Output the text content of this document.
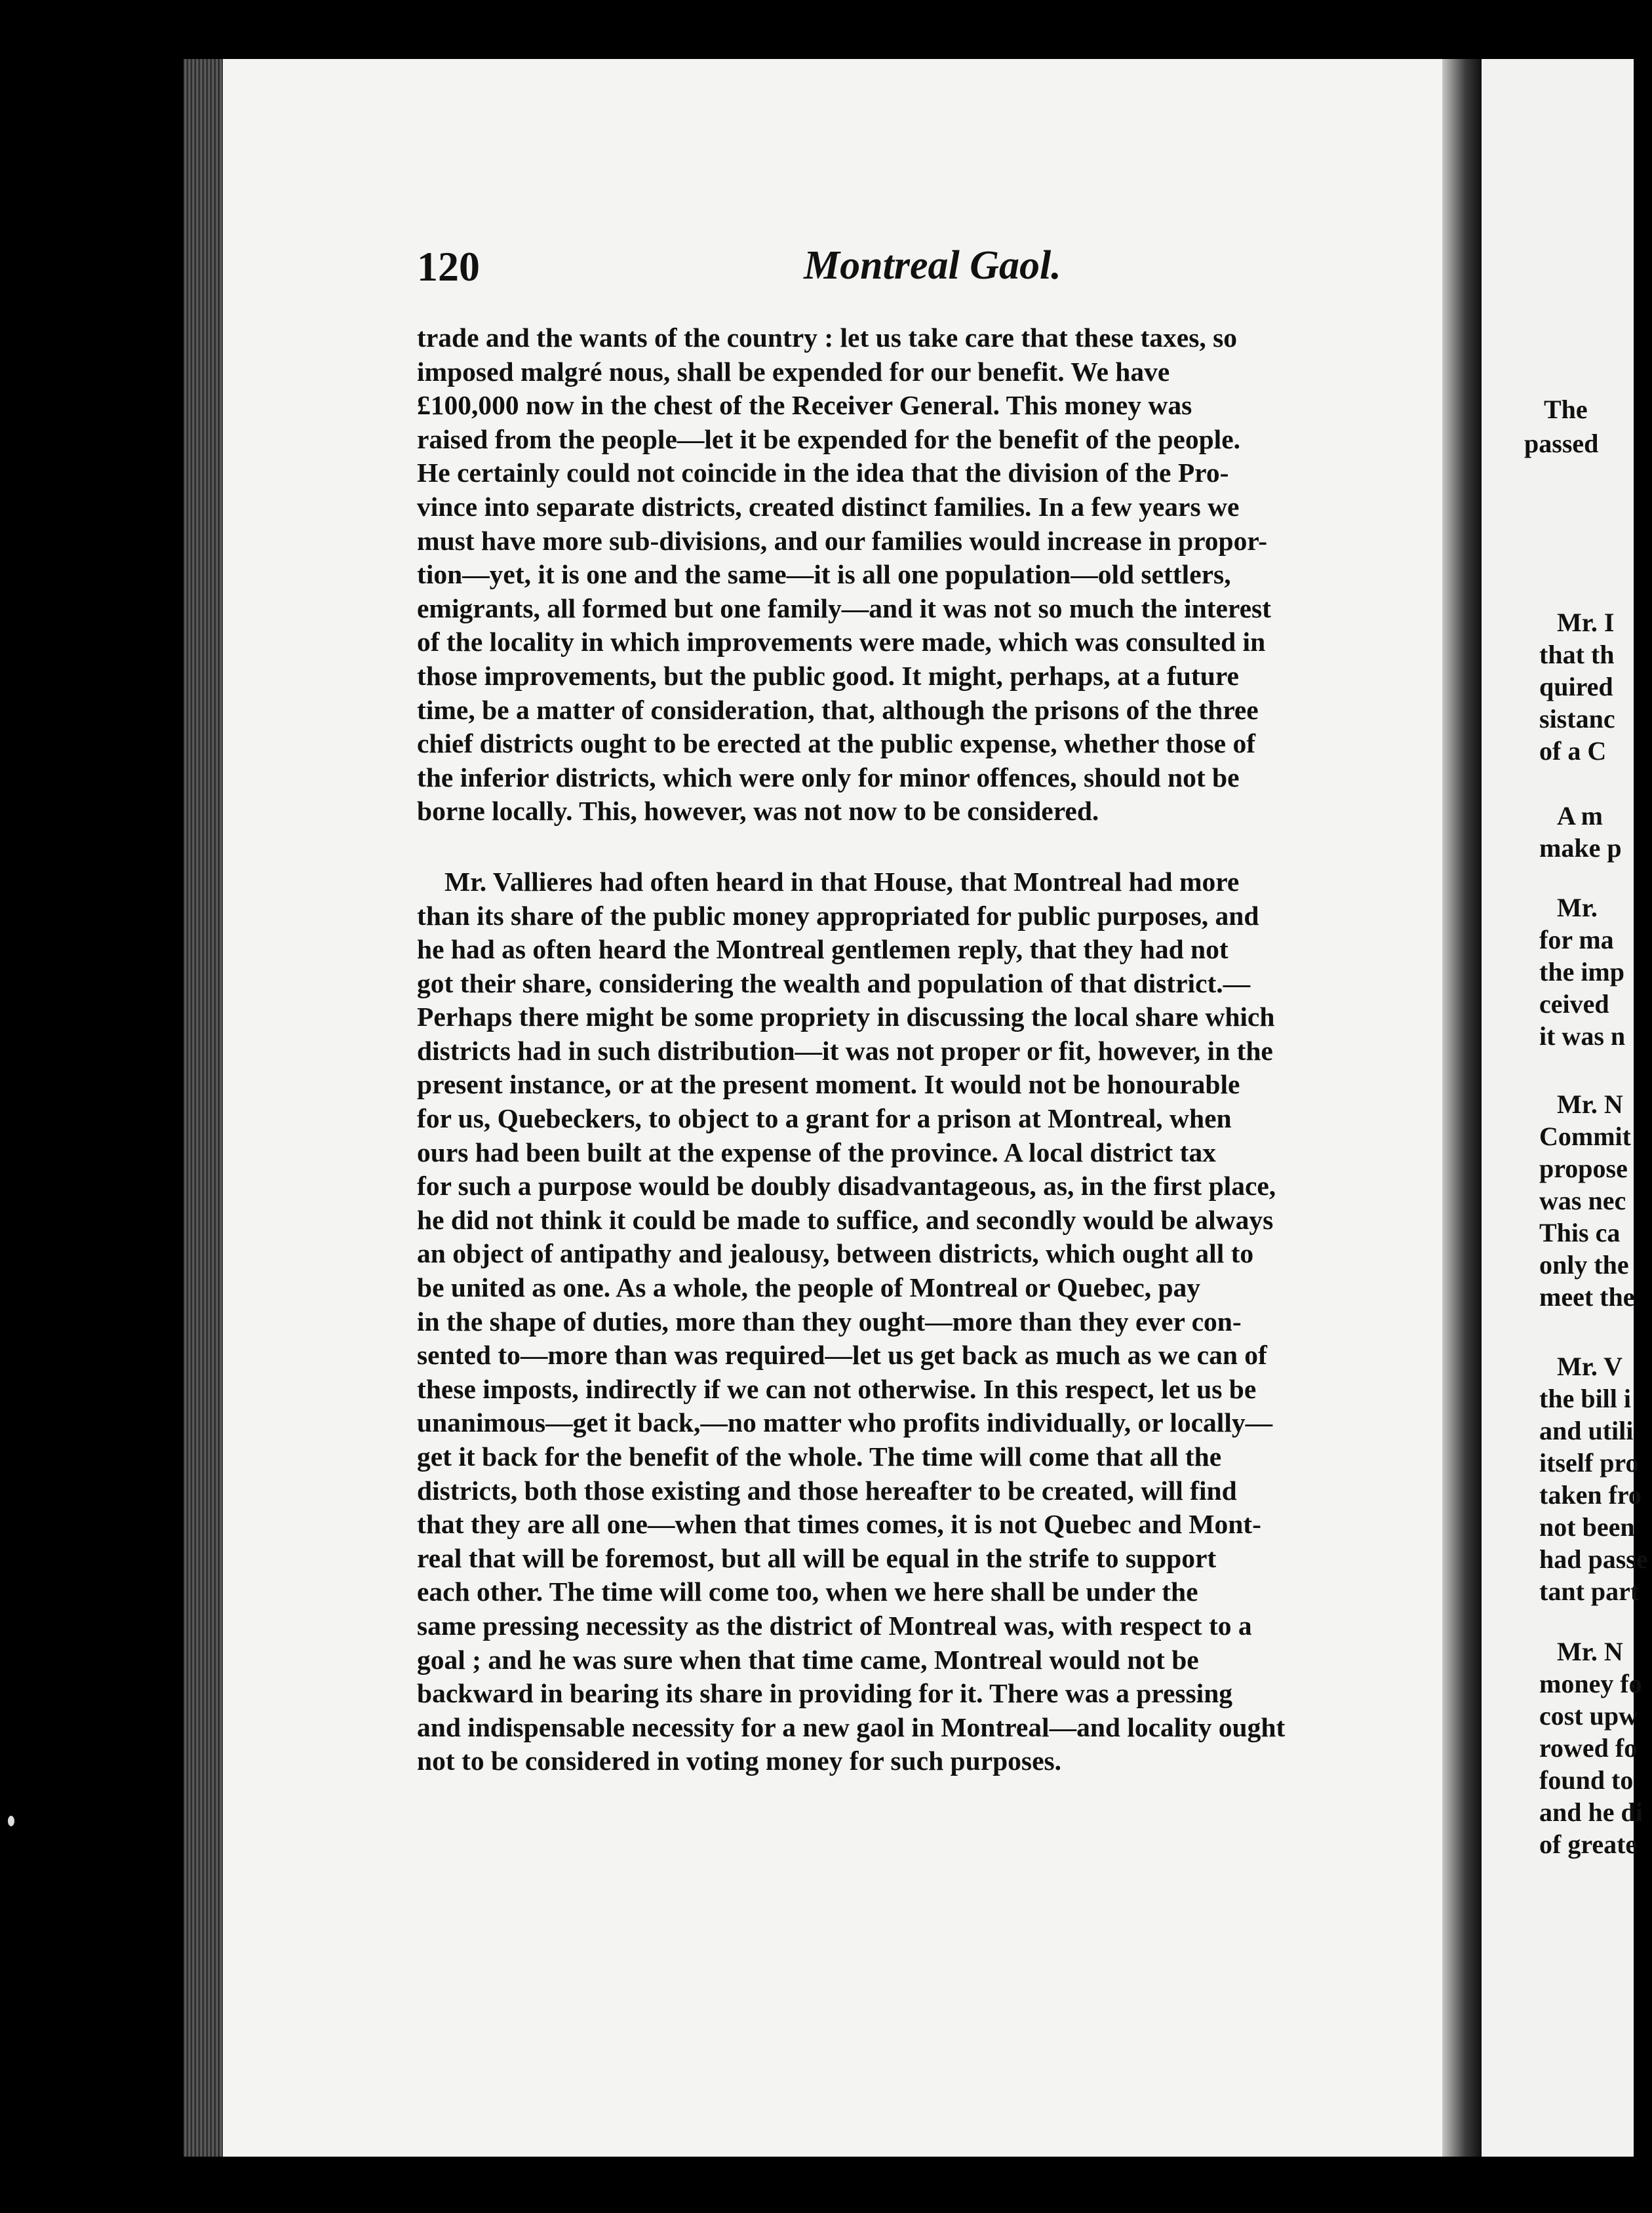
The
passed
Mr. I
that th
quired
sistanc
of a C
A m
make p
Mr.
for ma
the imp
ceived
it was n
Mr. N
Commit
propose
was nec
This ca
only the
meet the
Mr. V
the bill i
and utili
itself pro
taken fro
not been
had passe
tant part
Mr. N
money fo
cost upw
rowed fo
found to
and he di
of greate
120	Montreal Gaol.
trade and the wants of the country : let us take care that these taxes, so
imposed malgré nous, shall be expended for our benefit. We have
£100,000 now in the chest of the Receiver General. This money was
raised from the people—let it be expended for the benefit of the people.
He certainly could not coincide in the idea that the division of the Pro-
vince into separate districts, created distinct families. In a few years we
must have more sub-divisions, and our families would increase in propor-
tion—yet, it is one and the same—it is all one population—old settlers,
emigrants, all formed but one family—and it was not so much the interest
of the locality in which improvements were made, which was consulted in
those improvements, but the public good. It might, perhaps, at a future
time, be a matter of consideration, that, although the prisons of the three
chief districts ought to be erected at the public expense, whether those of
the inferior districts, which were only for minor offences, should not be
borne locally. This, however, was not now to be considered.
Mr. Vallieres had often heard in that House, that Montreal had more
than its share of the public money appropriated for public purposes, and
he had as often heard the Montreal gentlemen reply, that they had not
got their share, considering the wealth and population of that district.—
Perhaps there might be some propriety in discussing the local share which
districts had in such distribution—it was not proper or fit, however, in the
present instance, or at the present moment. It would not be honourable
for us, Quebeckers, to object to a grant for a prison at Montreal, when
ours had been built at the expense of the province. A local district tax
for such a purpose would be doubly disadvantageous, as, in the first place,
he did not think it could be made to suffice, and secondly would be always
an object of antipathy and jealousy, between districts, which ought all to
be united as one. As a whole, the people of Montreal or Quebec, pay
in the shape of duties, more than they ought—more than they ever con-
sented to—more than was required—let us get back as much as we can of
these imposts, indirectly if we can not otherwise. In this respect, let us be
unanimous—get it back,—no matter who profits individually, or locally—
get it back for the benefit of the whole. The time will come that all the
districts, both those existing and those hereafter to be created, will find
that they are all one—when that times comes, it is not Quebec and Mont-
real that will be foremost, but all will be equal in the strife to support
each other. The time will come too, when we here shall be under the
same pressing necessity as the district of Montreal was, with respect to a
goal ; and he was sure when that time came, Montreal would not be
backward in bearing its share in providing for it. There was a pressing
and indispensable necessity for a new gaol in Montreal—and locality ought
not to be considered in voting money for such purposes.
